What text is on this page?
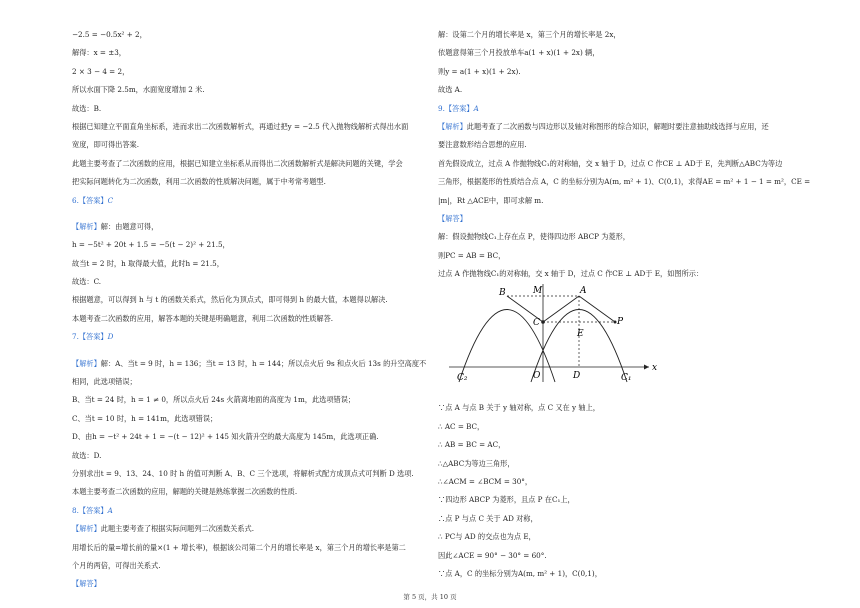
−2.5 = −0.5x² + 2，
解得：x = ±3，
2 × 3 − 4 = 2，
所以水面下降 2.5m，水面宽度增加 2 米.
故选：B.
根据已知建立平面直角坐标系，进而求出二次函数解析式，再通过把y = −2.5 代入抛物线解析式得出水面
宽度，即可得出答案.
此题主要考查了二次函数的应用，根据已知建立坐标系从而得出二次函数解析式是解决问题的关键，学会
把实际问题转化为二次函数，利用二次函数的性质解决问题，属于中考常考题型.
6.【答案】C
【解析】解：由题意可得，
h = −5t² + 20t + 1.5 = −5(t − 2)² + 21.5，
故当t = 2 时，h 取得最大值，此时h = 21.5，
故选：C.
根据题意，可以得到 h 与 t 的函数关系式，然后化为顶点式，即可得到 h 的最大值，本题得以解决.
本题考查二次函数的应用，解答本题的关键是明确题意，利用二次函数的性质解答.
7.【答案】D
【解析】解：A、当t = 9 时，h = 136；当t = 13 时，h = 144；所以点火后 9s 和点火后 13s 的升空高度不
相同，此选项错误；
B、当t = 24 时，h = 1 ≠ 0，所以点火后 24s 火箭离地面的高度为 1m，此选项错误；
C、当t = 10 时，h = 141m，此选项错误；
D、由h = −t² + 24t + 1 = −(t − 12)² + 145 知火箭升空的最大高度为 145m，此选项正确.
故选：D.
分别求出t = 9、13、24、10 时 h 的值可判断 A、B、C 三个选项，将解析式配方成顶点式可判断 D 选项.
本题主要考查二次函数的应用，解题的关键是熟练掌握二次函数的性质.
8.【答案】A
【解析】此题主要考查了根据实际问题列二次函数关系式.
用增长后的量=增长前的量×(1 + 增长率)，根据该公司第二个月的增长率是 x，第三个月的增长率是第二
个月的两倍，可得出关系式.
【解答】
解：设第二个月的增长率是 x，第三个月的增长率是 2x，
依题意得第三个月投放单车a(1 + x)(1 + 2x) 辆，
则y = a(1 + x)(1 + 2x).
故选 A.
9.【答案】A
【解析】此题考查了二次函数与四边形以及轴对称图形的综合知识，解题时要注意抽助线选择与应用，还
要注意数形结合思想的应用.
首先假设成立，过点 A 作抛物线C₁的对称轴，交 x 轴于 D，过点 C 作CE ⊥ AD于 E，先判断△ABC为等边
三角形，根据菱形的性质结合点 A，C 的坐标分别为A(m, m² + 1)、C(0,1)，求得AE = m² + 1 − 1 = m²，CE =
|m|，Rt △ACE中，即可求解 m.
【解答】
解：假设抛物线C₁上存在点 P，使得四边形 ABCP 为菱形，
则PC = AB = BC，
过点 A 作抛物线C₁的对称轴，交 x 轴于 D，过点 C 作CE ⊥ AD于 E，如图所示：
∵点 A 与点 B 关于 y 轴对称，点 C 又在 y 轴上，
∴ AC = BC，
∴ AB = BC = AC，
∴△ABC为等边三角形，
∴∠ACM = ∠BCM = 30°，
∵四边形 ABCP 为菱形，且点 P 在C₁上，
∴点 P 与点 C 关于 AD 对称，
∴ PC与 AD 的交点也为点 E，
因此∠ACE = 90° − 30° = 60°.
∵点 A，C 的坐标分别为A(m, m² + 1)，C(0,1)，
B	M	A
C	P
E
C₂	O	D	C₁
x
第 5 页，共 10 页
